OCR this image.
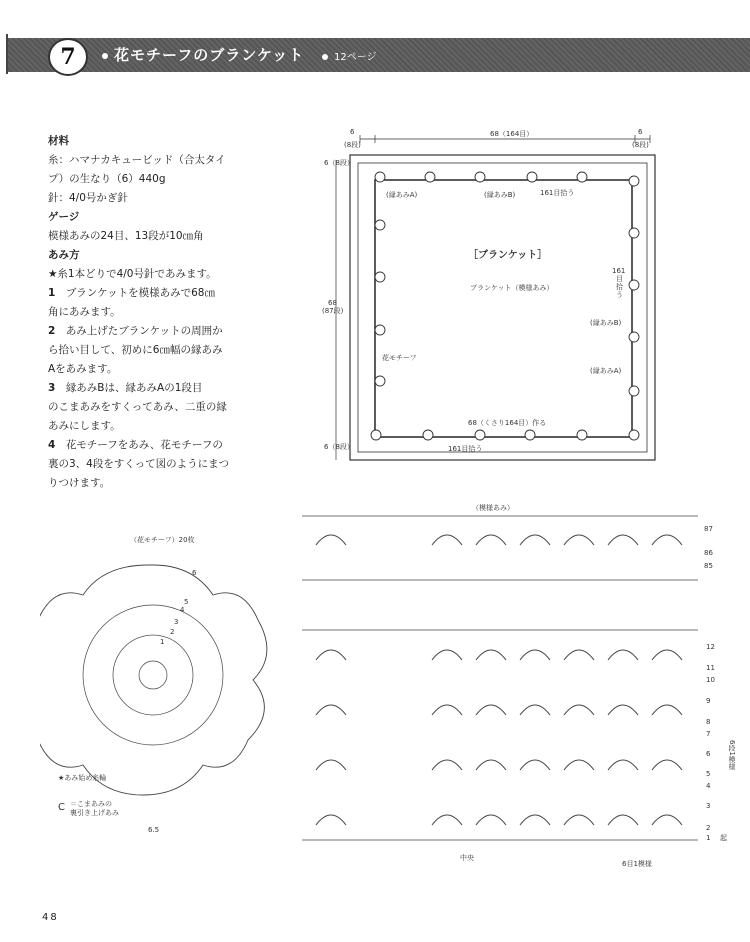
7	花モチーフのブランケット	12ページ
材料
糸：ハマナカキュービッド（合太タイ
プ）の生なり（6）440g
針：4/0号かぎ針
ゲージ
模様あみの24目、13段が10㎝角
あみ方
★糸1本どりで4/0号針であみます。
1　 ブランケットを模様あみで68㎝
角にあみます。
2　 あみ上げたブランケットの周囲か
ら拾い目して、初めに6㎝幅の縁あみ
Aをあみます。
3　 縁あみBは、縁あみAの1段目
のこまあみをすくってあみ、二重の縁
あみにします。
4　 花モチーフをあみ、花モチーフの
裏の3、4段をすくって図のようにまつ
りつけます。
6
(8段)
68（164目）	6
(8段)
6（8段）
68
(87段)
6（8段）
［ブランケット］
ブランケット（模様あみ）
(縁あみA)	(縁あみB)	161目拾う
161
目
拾
う
(縁あみB)
(縁あみA)
花モチーフ
68（くさり164目）作る
161目拾う
（花モチーフ）20枚
6
5
4
3
2
1
★あみ始め糸輪
Ⅽ ＝こまあみの
裏引き上げあみ
6.5
（模様あみ）
87
86
85
12
11
10
9
8
7
6
5
4
3
2
1
6段1模様
中央
6目1模様
起
48
